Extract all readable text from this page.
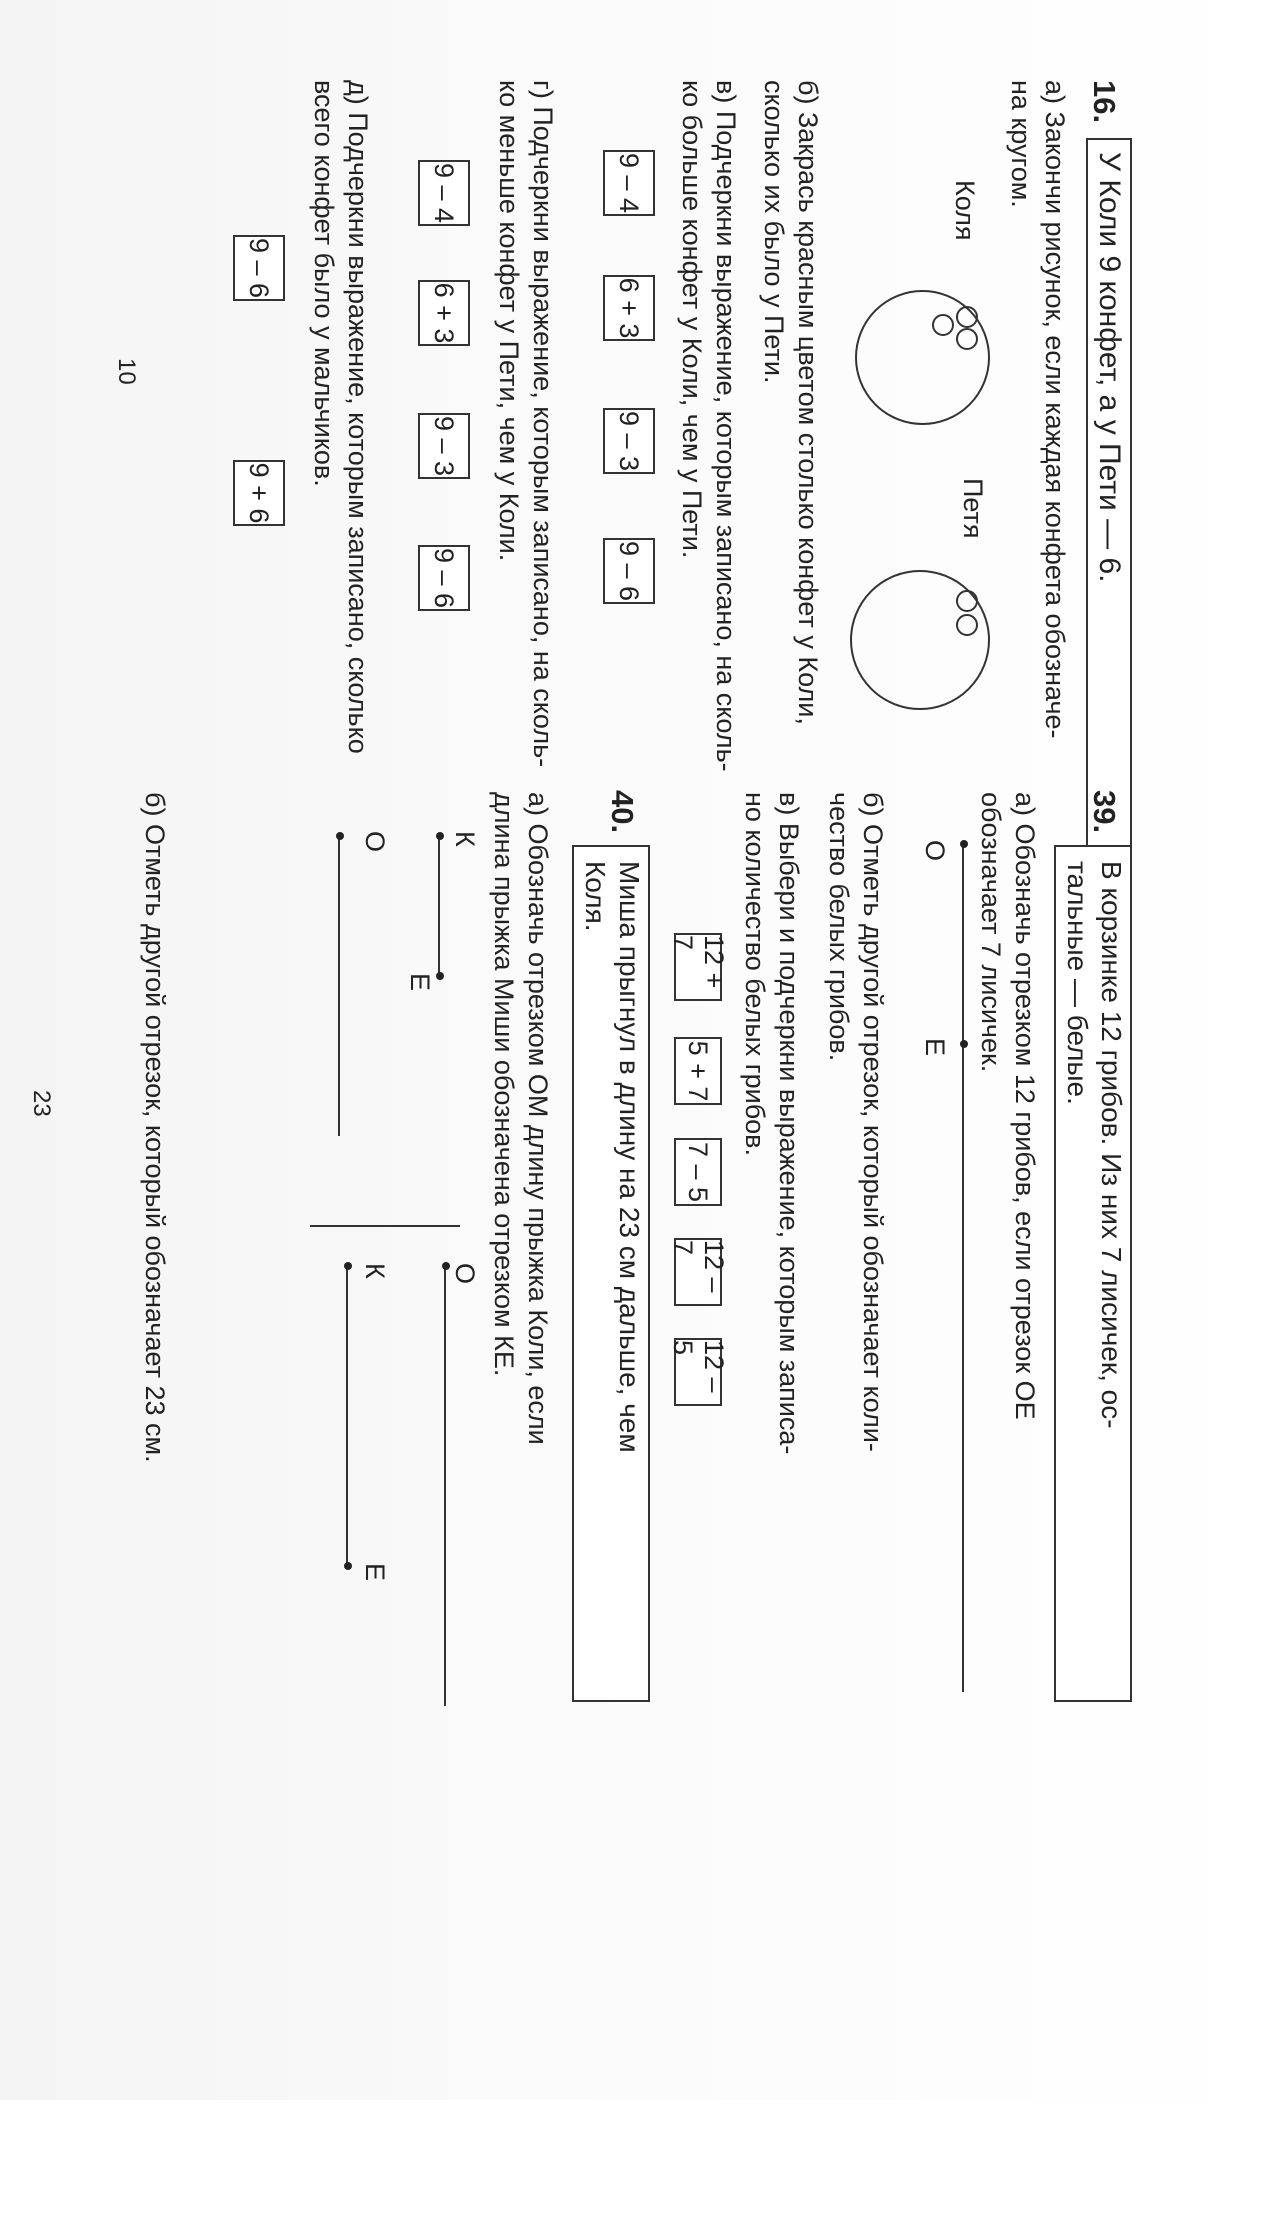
16.
У Коли 9 конфет, а у Пети — 6.
а) Закончи рисунок, если каждая конфета обозначе-
на кругом.
Коля
Петя
б) Закрась красным цветом столько конфет у Коли,
сколько их было у Пети.
в) Подчеркни выражение, которым записано, на сколь-
ко больше конфет у Коли, чем у Пети.
9 – 4
6 + 3
9 – 3
9 – 6
г) Подчеркни выражение, которым записано, на сколь-
ко меньше конфет у Пети, чем у Коли.
9 – 4
6 + 3
9 – 3
9 – 6
д) Подчеркни выражение, которым записано, сколько
всего конфет было у мальчиков.
9 – 6
9 + 6
10
39.
В корзинке 12 грибов. Из них 7 лисичек, ос-
тальные — белые.
а) Обозначь отрезком 12 грибов, если отрезок ОЕ
обозначает 7 лисичек.
О
Е
б) Отметь другой отрезок, который обозначает коли-
чество белых грибов.
в) Выбери и подчеркни выражение, которым записа-
но количество белых грибов.
12 + 7
5 + 7
7 – 5
12 – 7
12 – 5
40.
Миша прыгнул в длину на 23 см дальше, чем
Коля.
а) Обозначь отрезком ОМ длину прыжка Коли, если
длина прыжка Миши обозначена отрезком КЕ.
К
Е
О
О
К
Е
б) Отметь другой отрезок, который обозначает 23 см.
23
